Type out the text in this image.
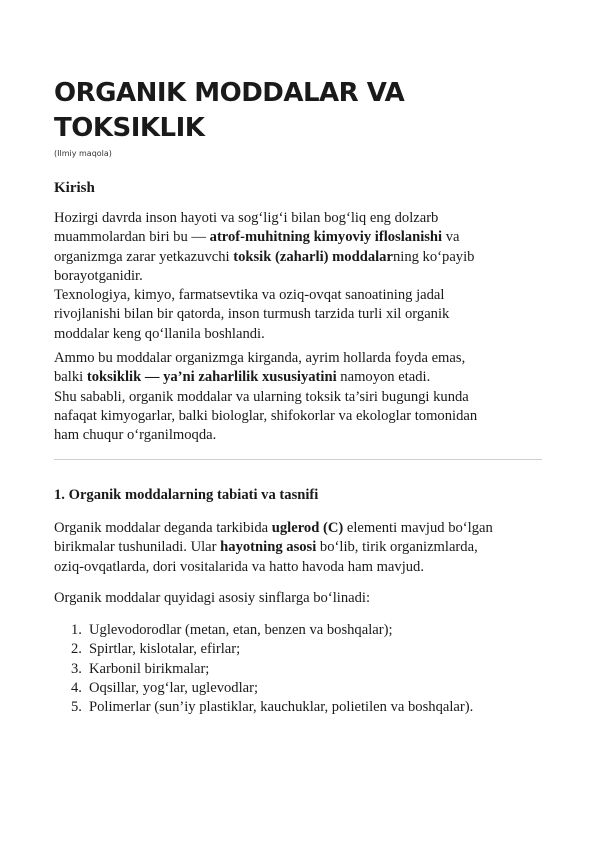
ORGANIK MODDALAR VA
TOKSIKLIK
(Ilmiy maqola)
Kirish

Hozirgi davrda inson hayoti va sog‘lig‘i bilan bog‘liq eng dolzarb
muammolardan biri bu — atrof-muhitning kimyoviy ifloslanishi va
organizmga zarar yetkazuvchi toksik (zaharli) moddalarning ko‘payib
borayotganidir.
Texnologiya, kimyo, farmatsevtika va oziq-ovqat sanoatining jadal
rivojlanishi bilan bir qatorda, inson turmush tarzida turli xil organik
moddalar keng qo‘llanila boshlandi.

Ammo bu moddalar organizmga kirganda, ayrim hollarda foyda emas,
balki toksiklik — ya’ni zaharlilik xususiyatini namoyon etadi.
Shu sababli, organik moddalar va ularning toksik ta’siri bugungi kunda
nafaqat kimyogarlar, balki biologlar, shifokorlar va ekologlar tomonidan
ham chuqur o‘rganilmoqda.

1. Organik moddalarning tabiati va tasnifi

Organik moddalar deganda tarkibida uglerod (C) elementi mavjud bo‘lgan
birikmalar tushuniladi. Ular hayotning asosi bo‘lib, tirik organizmlarda,
oziq-ovqatlarda, dori vositalarida va hatto havoda ham mavjud.

Organik moddalar quyidagi asosiy sinflarga bo‘linadi:

1. Uglevodorodlar (metan, etan, benzen va boshqalar);
2. Spirtlar, kislotalar, efirlar;
3. Karbonil birikmalar;
4. Oqsillar, yog‘lar, uglevodlar;
5. Polimerlar (sun’iy plastiklar, kauchuklar, polietilen va boshqalar).
